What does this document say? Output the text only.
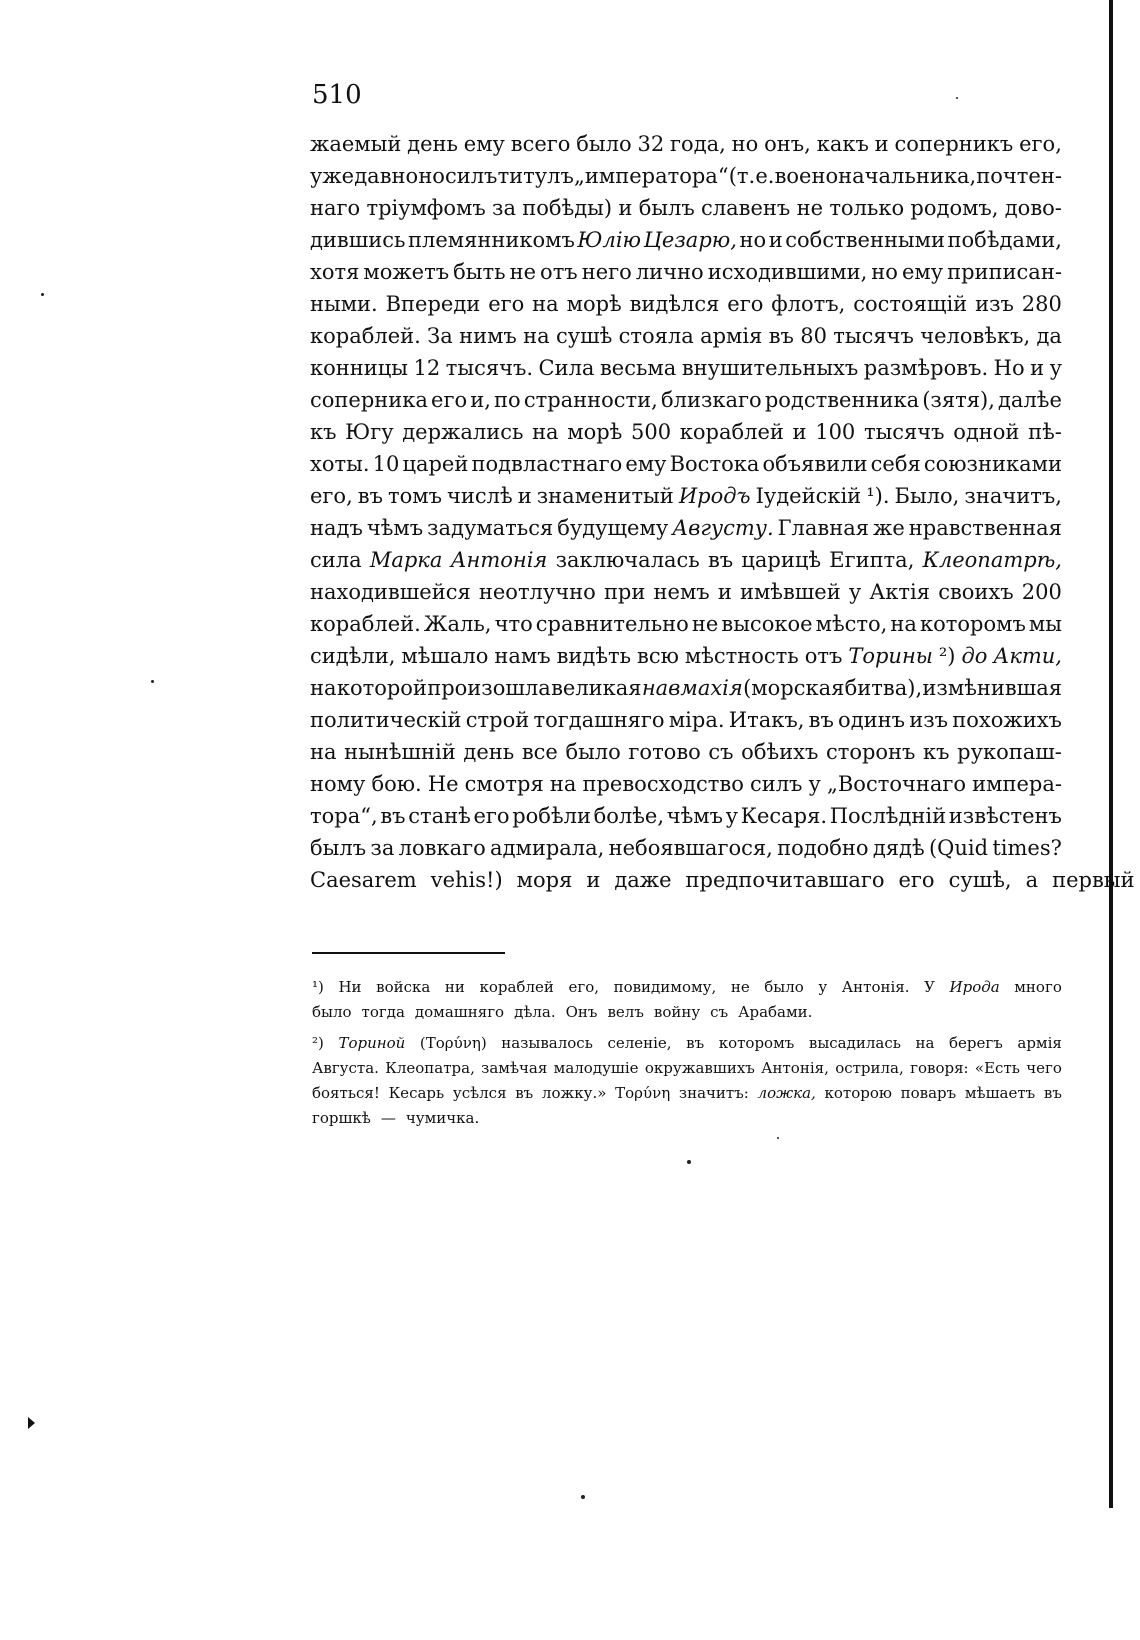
510
жаемый день ему всего было 32 года, но онъ, какъ и соперникъ его,
уже давно носилъ титулъ „императора“ (т. е. военоначальника, почтен-
наго тріумфомъ за побѣды) и былъ славенъ не только родомъ, дово-
дившись племянникомъ Юлію Цезарю, но и собственными побѣдами,
хотя можетъ быть не отъ него лично исходившими, но ему приписан-
ными. Впереди его на морѣ видѣлся его флотъ, состоящій изъ 280
кораблей. За нимъ на сушѣ стояла армія въ 80 тысячъ человѣкъ, да
конницы 12 тысячъ. Сила весьма внушительныхъ размѣровъ. Но и у
соперника его и, по странности, близкаго родственника (зятя), далѣе
къ Югу держались на морѣ 500 кораблей и 100 тысячъ одной пѣ-
хоты. 10 царей подвластнаго ему Востока объявили себя союзниками
его, въ томъ числѣ и знаменитый Иродъ Іудейскій ¹). Было, значитъ,
надъ чѣмъ задуматься будущему Августу. Главная же нравственная
сила Марка Антонія заключалась въ царицѣ Египта, Клеопатрѣ,
находившейся неотлучно при немъ и имѣвшей у Актія своихъ 200
кораблей. Жаль, что сравнительно не высокое мѣсто, на которомъ мы
сидѣли, мѣшало намъ видѣть всю мѣстность отъ Торины ²) до Акти,
на которой произошла великая навмахія (морская битва), измѣнившая
политическій строй тогдашняго міра. Итакъ, въ одинъ изъ похожихъ
на нынѣшній день все было готово съ обѣихъ сторонъ къ рукопаш-
ному бою. Не смотря на превосходство силъ у „Восточнаго импера-
тора“, въ станѣ его робѣли болѣе, чѣмъ у Кесаря. Послѣдній извѣстенъ
былъ за ловкаго адмирала, небоявшагося, подобно дядѣ (Quid times?
Caesarem vehis!) моря и даже предпочитавшаго его сушѣ, а первый
¹) Ни войска ни кораблей его, повидимому, не было у Антонія. У Ирода много
было тогда домашняго дѣла. Онъ велъ войну съ Арабами.
²) Ториной (Τορύνη) называлось селеніе, въ которомъ высадилась на берегъ армія
Августа. Клеопатра, замѣчая малодушіе окружавшихъ Антонія, острила, говоря: «Есть чего
бояться! Кесарь усѣлся въ ложку.» Τορύνη значитъ: ложка, которою поваръ мѣшаетъ въ
горшкѣ — чумичка.
